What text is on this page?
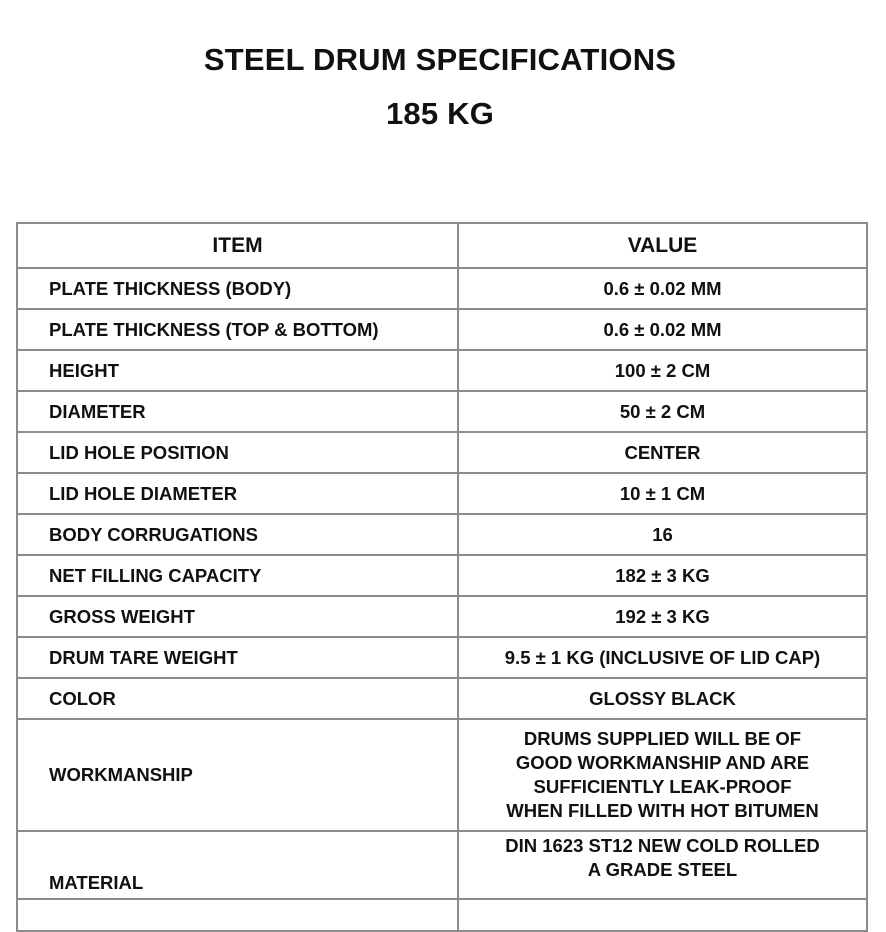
STEEL DRUM SPECIFICATIONS
185 KG
ITEM	VALUE
PLATE THICKNESS (BODY)	0.6 ± 0.02 MM
PLATE THICKNESS (TOP & BOTTOM)	0.6 ± 0.02 MM
HEIGHT	100 ± 2 CM
DIAMETER	50 ± 2 CM
LID HOLE POSITION	CENTER
LID HOLE DIAMETER	10 ± 1 CM
BODY CORRUGATIONS	16
NET FILLING CAPACITY	182 ± 3 KG
GROSS WEIGHT	192 ± 3 KG
DRUM TARE WEIGHT	9.5 ± 1 KG (INCLUSIVE OF LID CAP)
COLOR	GLOSSY BLACK
WORKMANSHIP	DRUMS SUPPLIED WILL BE OF
GOOD WORKMANSHIP AND ARE
SUFFICIENTLY LEAK-PROOF
WHEN FILLED WITH HOT BITUMEN

MATERIAL	DIN 1623 ST12 NEW COLD ROLLED
A GRADE STEEL
